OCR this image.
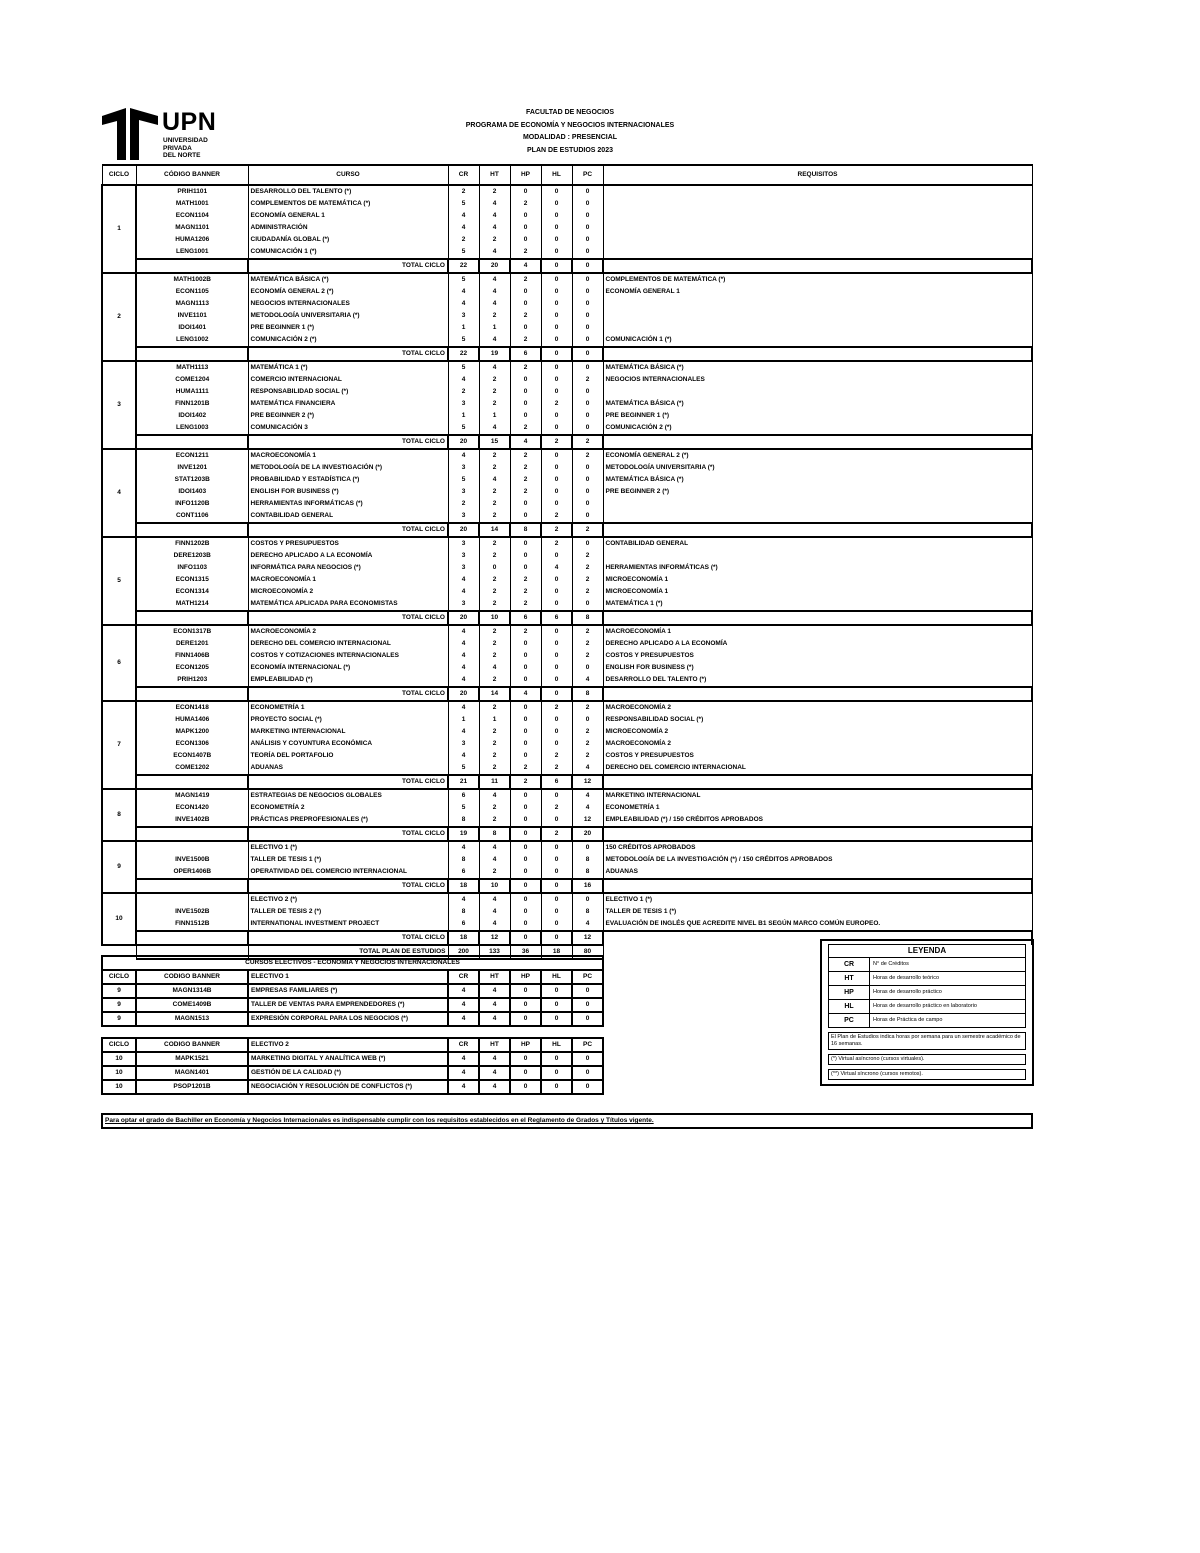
UPN
UNIVERSIDAD
PRIVADA
DEL NORTE
FACULTAD DE NEGOCIOS
PROGRAMA DE ECONOMÍA Y NEGOCIOS INTERNACIONALES
MODALIDAD : PRESENCIAL
PLAN DE ESTUDIOS 2023
CICLO	CÓDIGO BANNER	CURSO	CR	HT	HP	HL	PC	REQUISITOS
1	PRIH1101	DESARROLLO DEL TALENTO (*)	2	2	0	0	0	
	MATH1001	COMPLEMENTOS DE MATEMÁTICA (*)	5	4	2	0	0	
	ECON1104	ECONOMÍA GENERAL 1	4	4	0	0	0	
	MAGN1101	ADMINISTRACIÓN	4	4	0	0	0	
	HUMA1206	CIUDADANÍA GLOBAL (*)	2	2	0	0	0	
	LENG1001	COMUNICACIÓN 1 (*)	5	4	2	0	0	
		TOTAL CICLO	22	20	4	0	0	
2	MATH1002B	MATEMÁTICA BÁSICA (*)	5	4	2	0	0	COMPLEMENTOS DE MATEMÁTICA (*)
	ECON1105	ECONOMÍA GENERAL 2 (*)	4	4	0	0	0	ECONOMÍA GENERAL 1
	MAGN1113	NEGOCIOS INTERNACIONALES	4	4	0	0	0	
	INVE1101	METODOLOGÍA UNIVERSITARIA (*)	3	2	2	0	0	
	IDOI1401	PRE BEGINNER 1 (*)	1	1	0	0	0	
	LENG1002	COMUNICACIÓN 2 (*)	5	4	2	0	0	COMUNICACIÓN 1 (*)
		TOTAL CICLO	22	19	6	0	0	
3	MATH1113	MATEMÁTICA 1 (*)	5	4	2	0	0	MATEMÁTICA BÁSICA (*)
	COME1204	COMERCIO INTERNACIONAL	4	2	0	0	2	NEGOCIOS INTERNACIONALES
	HUMA1111	RESPONSABILIDAD SOCIAL (*)	2	2	0	0	0	
	FINN1201B	MATEMÁTICA FINANCIERA	3	2	0	2	0	MATEMÁTICA BÁSICA (*)
	IDOI1402	PRE BEGINNER 2 (*)	1	1	0	0	0	PRE BEGINNER 1 (*)
	LENG1003	COMUNICACIÓN 3	5	4	2	0	0	COMUNICACIÓN 2 (*)
		TOTAL CICLO	20	15	4	2	2	
4	ECON1211	MACROECONOMÍA 1	4	2	2	0	2	ECONOMÍA GENERAL 2 (*)
	INVE1201	METODOLOGÍA DE LA INVESTIGACIÓN (*)	3	2	2	0	0	METODOLOGÍA UNIVERSITARIA (*)
	STAT1203B	PROBABILIDAD Y ESTADÍSTICA (*)	5	4	2	0	0	MATEMÁTICA BÁSICA (*)
	IDOI1403	ENGLISH FOR BUSINESS (*)	3	2	2	0	0	PRE BEGINNER 2 (*)
	INFO1120B	HERRAMIENTAS INFORMÁTICAS (*)	2	2	0	0	0	
	CONT1106	CONTABILIDAD GENERAL	3	2	0	2	0	
		TOTAL CICLO	20	14	8	2	2	
5	FINN1202B	COSTOS Y PRESUPUESTOS	3	2	0	2	0	CONTABILIDAD GENERAL
	DERE1203B	DERECHO APLICADO A LA ECONOMÍA	3	2	0	0	2	
	INFO1103	INFORMÁTICA PARA NEGOCIOS (*)	3	0	0	4	2	HERRAMIENTAS INFORMÁTICAS (*)
	ECON1315	MACROECONOMÍA 1	4	2	2	0	2	MICROECONOMÍA 1
	ECON1314	MICROECONOMÍA 2	4	2	2	0	2	MICROECONOMÍA 1
	MATH1214	MATEMÁTICA APLICADA PARA ECONOMISTAS	3	2	2	0	0	MATEMÁTICA 1 (*)
		TOTAL CICLO	20	10	6	6	8	
6	ECON1317B	MACROECONOMÍA 2	4	2	2	0	2	MACROECONOMÍA 1
	DERE1201	DERECHO DEL COMERCIO INTERNACIONAL	4	2	0	0	2	DERECHO APLICADO A LA ECONOMÍA
	FINN1406B	COSTOS Y COTIZACIONES INTERNACIONALES	4	2	0	0	2	COSTOS Y PRESUPUESTOS
	ECON1205	ECONOMÍA INTERNACIONAL (*)	4	4	0	0	0	ENGLISH FOR BUSINESS (*)
	PRIH1203	EMPLEABILIDAD (*)	4	2	0	0	4	DESARROLLO DEL TALENTO (*)
		TOTAL CICLO	20	14	4	0	8	
7	ECON1418	ECONOMETRÍA 1	4	2	0	2	2	MACROECONOMÍA 2
	HUMA1406	PROYECTO SOCIAL (*)	1	1	0	0	0	RESPONSABILIDAD SOCIAL (*)
	MAPK1200	MARKETING INTERNACIONAL	4	2	0	0	2	MICROECONOMÍA 2
	ECON1306	ANÁLISIS Y COYUNTURA ECONÓMICA	3	2	0	0	2	MACROECONOMÍA 2
	ECON1407B	TEORÍA DEL PORTAFOLIO	4	2	0	2	2	COSTOS Y PRESUPUESTOS
	COME1202	ADUANAS	5	2	2	2	4	DERECHO DEL COMERCIO INTERNACIONAL
		TOTAL CICLO	21	11	2	6	12	
8	MAGN1419	ESTRATEGIAS DE NEGOCIOS GLOBALES	6	4	0	0	4	MARKETING INTERNACIONAL
	ECON1420	ECONOMETRÍA 2	5	2	0	2	4	ECONOMETRÍA 1
	INVE1402B	PRÁCTICAS PREPROFESIONALES (*)	8	2	0	0	12	EMPLEABILIDAD (*) / 150 CRÉDITOS APROBADOS
		TOTAL CICLO	19	8	0	2	20	
9		ELECTIVO 1 (*)	4	4	0	0	0	150 CRÉDITOS APROBADOS
	INVE1500B	TALLER DE TESIS 1 (*)	8	4	0	0	8	METODOLOGÍA DE LA INVESTIGACIÓN (*) / 150 CRÉDITOS APROBADOS
	OPER1406B	OPERATIVIDAD DEL COMERCIO INTERNACIONAL	6	2	0	0	8	ADUANAS
		TOTAL CICLO	18	10	0	0	16	
10		ELECTIVO 2 (*)	4	4	0	0	0	ELECTIVO 1 (*)
	INVE1502B	TALLER DE TESIS 2 (*)	8	4	0	0	8	TALLER DE TESIS 1 (*)
	FINN1512B	INTERNATIONAL INVESTMENT PROJECT	6	4	0	0	4	EVALUACIÓN DE INGLÉS QUE ACREDITE NIVEL B1 SEGÚN MARCO COMÚN EUROPEO.
		TOTAL CICLO	18	12	0	0	12	
		TOTAL PLAN DE ESTUDIOS	200	133	36	18	80	
CURSOS ELECTIVOS - ECONOMÍA Y NEGOCIOS INTERNACIONALES							
CICLO	CODIGO BANNER	ELECTIVO 1	CR	HT	HP	HL	PC
9	MAGN1314B	EMPRESAS FAMILIARES (*)	4	4	0	0	0
9	COME1409B	TALLER DE VENTAS PARA EMPRENDEDORES (*)	4	4	0	0	0
9	MAGN1513	EXPRESIÓN CORPORAL PARA LOS NEGOCIOS (*)	4	4	0	0	0

CICLO	CODIGO BANNER	ELECTIVO 2	CR	HT	HP	HL	PC
10	MAPK1521	MARKETING DIGITAL Y ANALÍTICA WEB (*)	4	4	0	0	0
10	MAGN1401	GESTIÓN DE LA CALIDAD (*)	4	4	0	0	0
10	PSOP1201B	NEGOCIACIÓN Y RESOLUCIÓN DE CONFLICTOS (*)	4	4	0	0	0
LEYENDA
CR	N° de Créditos
HT	Horas de desarrollo teórico
HP	Horas de desarrollo práctico
HL	Horas de desarrollo práctico en laboratorio
PC	Horas de Práctica de campo
El Plan de Estudios indica horas por semana para un semestre académico de 16 semanas.
(*) Virtual asíncrono (cursos virtuales).
(**) Virtual síncrono (cursos remotos).
Para optar el grado de Bachiller en Economía y Negocios Internacionales es indispensable cumplir con los requisitos establecidos en el Reglamento de Grados y Títulos vigente.
